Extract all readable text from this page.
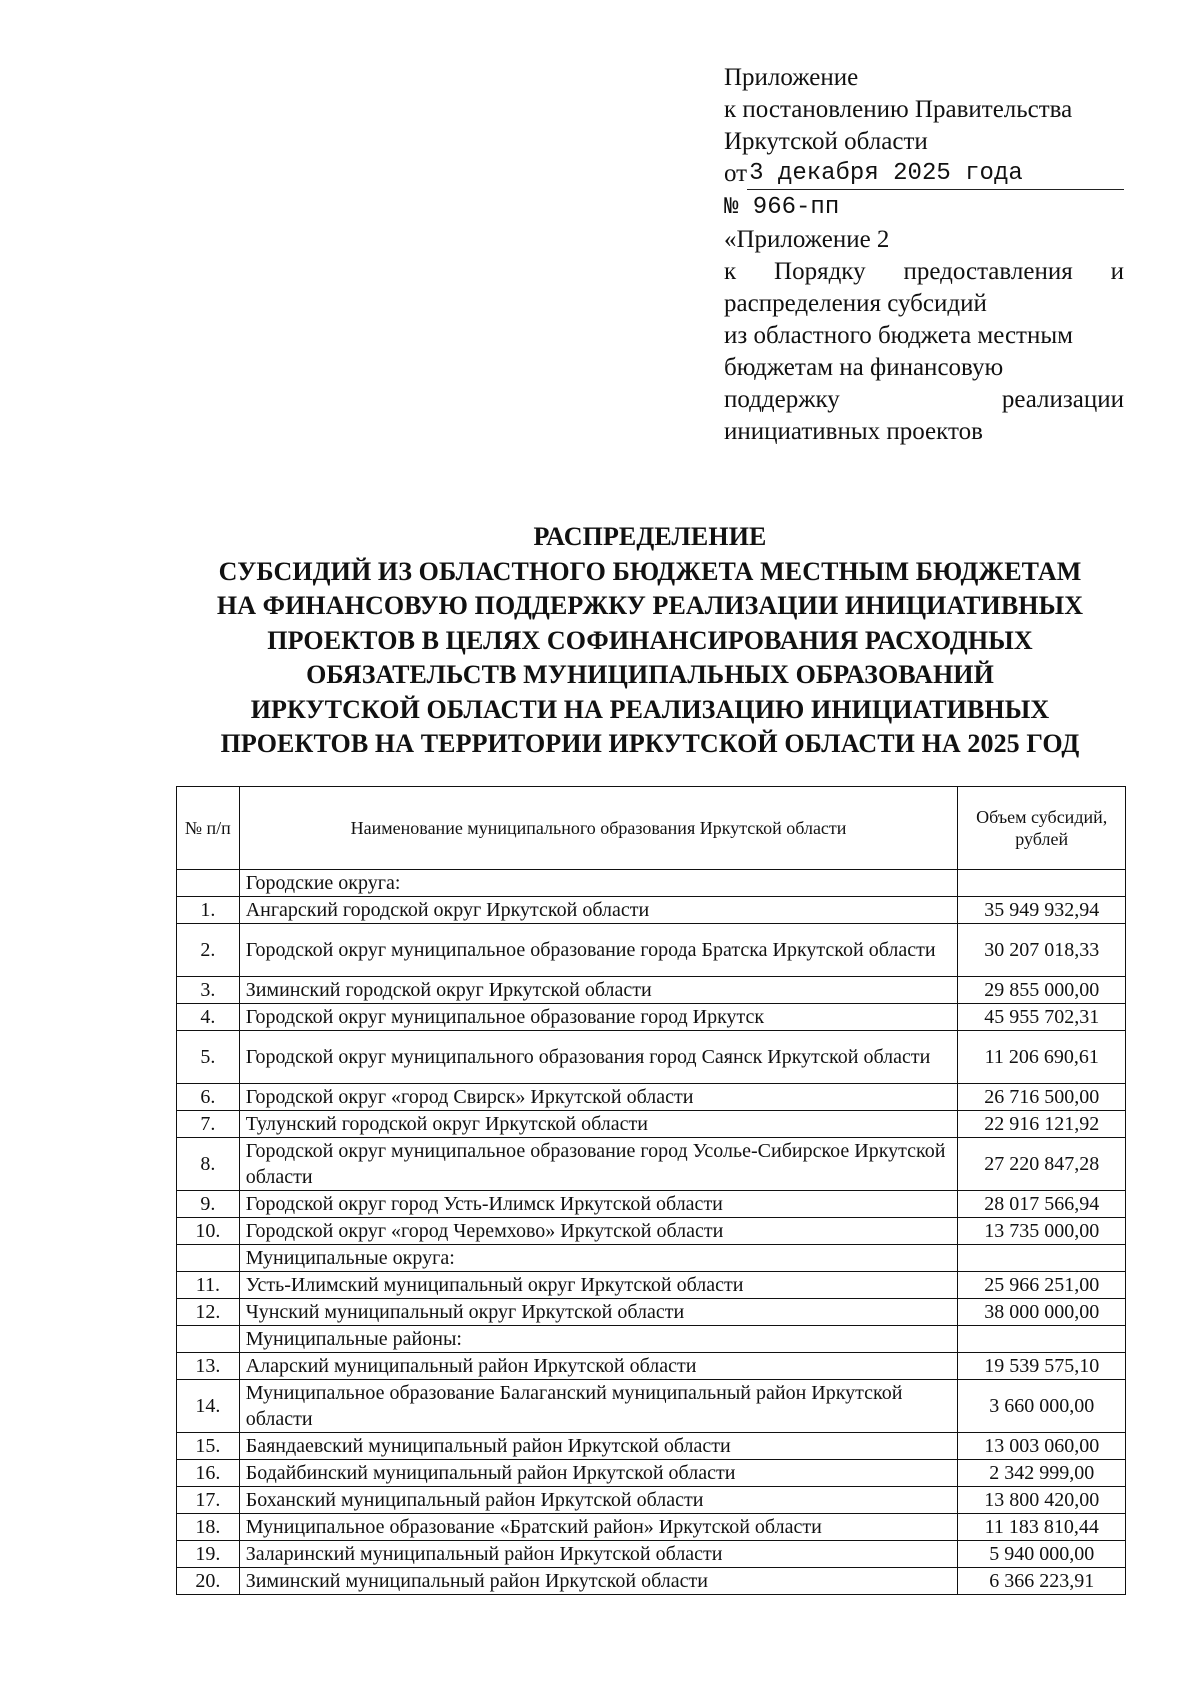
Приложение
к постановлению Правительства
Иркутской области
от 3 декабря 2025 года
№ 966-пп
«Приложение 2
к Порядку предоставления и
распределения субсидий
из областного бюджета местным
бюджетам на финансовую
поддержку	реализации
инициативных проектов
РАСПРЕДЕЛЕНИЕ
СУБСИДИЙ ИЗ ОБЛАСТНОГО БЮДЖЕТА МЕСТНЫМ БЮДЖЕТАМ
НА ФИНАНСОВУЮ ПОДДЕРЖКУ РЕАЛИЗАЦИИ ИНИЦИАТИВНЫХ
ПРОЕКТОВ В ЦЕЛЯХ СОФИНАНСИРОВАНИЯ РАСХОДНЫХ
ОБЯЗАТЕЛЬСТВ МУНИЦИПАЛЬНЫХ ОБРАЗОВАНИЙ
ИРКУТСКОЙ ОБЛАСТИ НА РЕАЛИЗАЦИЮ ИНИЦИАТИВНЫХ
ПРОЕКТОВ НА ТЕРРИТОРИИ ИРКУТСКОЙ ОБЛАСТИ НА 2025 ГОД
№ п/п	Наименование муниципального образования Иркутской области	Объем субсидий, рублей
	Городские округа:	
1.	Ангарский городской округ Иркутской области	35 949 932,94
2.	Городской округ муниципальное образование города Братска Иркутской области	30 207 018,33
3.	Зиминский городской округ Иркутской области	29 855 000,00
4.	Городской округ муниципальное образование город Иркутск	45 955 702,31
5.	Городской округ муниципального образования город Саянск Иркутской области	11 206 690,61
6.	Городской округ «город Свирск» Иркутской области	26 716 500,00
7.	Тулунский городской округ Иркутской области	22 916 121,92
8.	Городской округ муниципальное образование город Усолье-Сибирское Иркутской области	27 220 847,28
9.	Городской округ город Усть-Илимск Иркутской области	28 017 566,94
10.	Городской округ «город Черемхово» Иркутской области	13 735 000,00
	Муниципальные округа:	
11.	Усть-Илимский муниципальный округ Иркутской области	25 966 251,00
12.	Чунский муниципальный округ Иркутской области	38 000 000,00
	Муниципальные районы:	
13.	Аларский муниципальный район Иркутской области	19 539 575,10
14.	Муниципальное образование Балаганский муниципальный район Иркутской области	3 660 000,00
15.	Баяндаевский муниципальный район Иркутской области	13 003 060,00
16.	Бодайбинский муниципальный район Иркутской области	2 342 999,00
17.	Боханский муниципальный район Иркутской области	13 800 420,00
18.	Муниципальное образование «Братский район» Иркутской области	11 183 810,44
19.	Заларинский муниципальный район Иркутской области	5 940 000,00
20.	Зиминский муниципальный район Иркутской области	6 366 223,91
